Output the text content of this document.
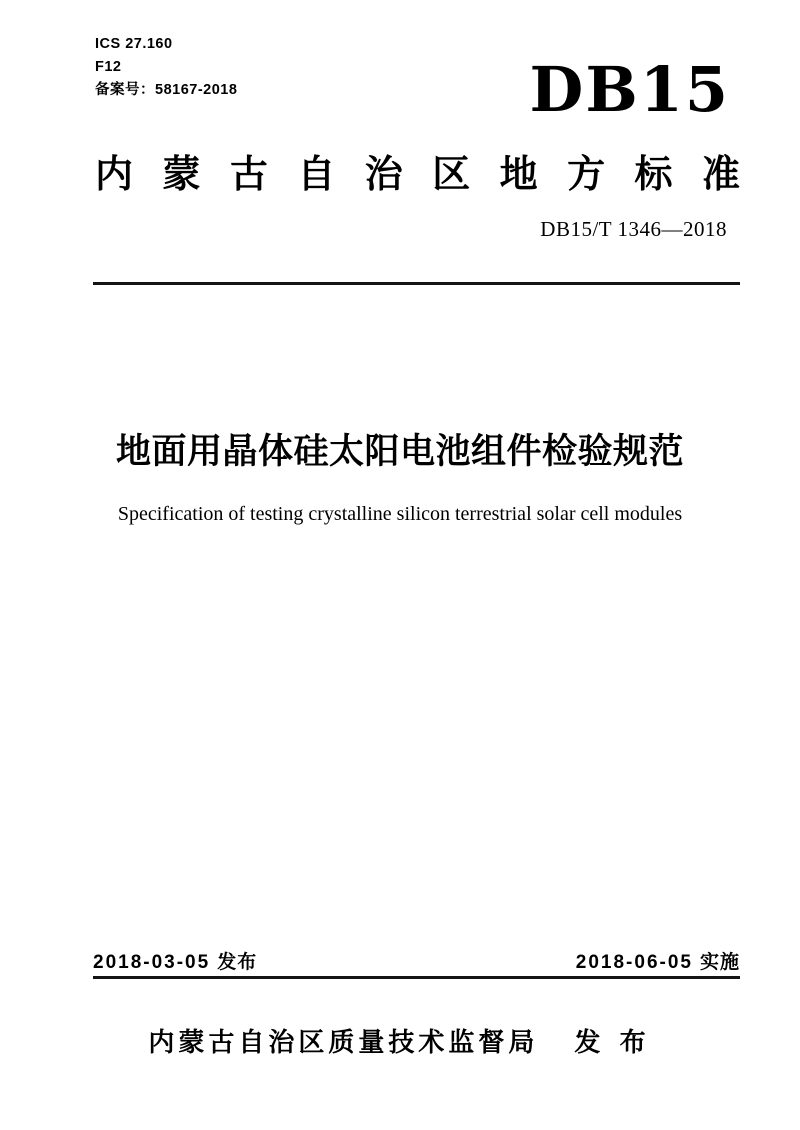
ICS 27.160
F12
备案号：58167-2018	DB15
内 蒙 古 自 治 区 地 方 标 准
DB15/T 1346—2018
地面用晶体硅太阳电池组件检验规范
Specification of testing crystalline silicon terrestrial solar cell modules
2018-03-05 发布	2018-06-05 实施
内蒙古自治区质量技术监督局 发 布
